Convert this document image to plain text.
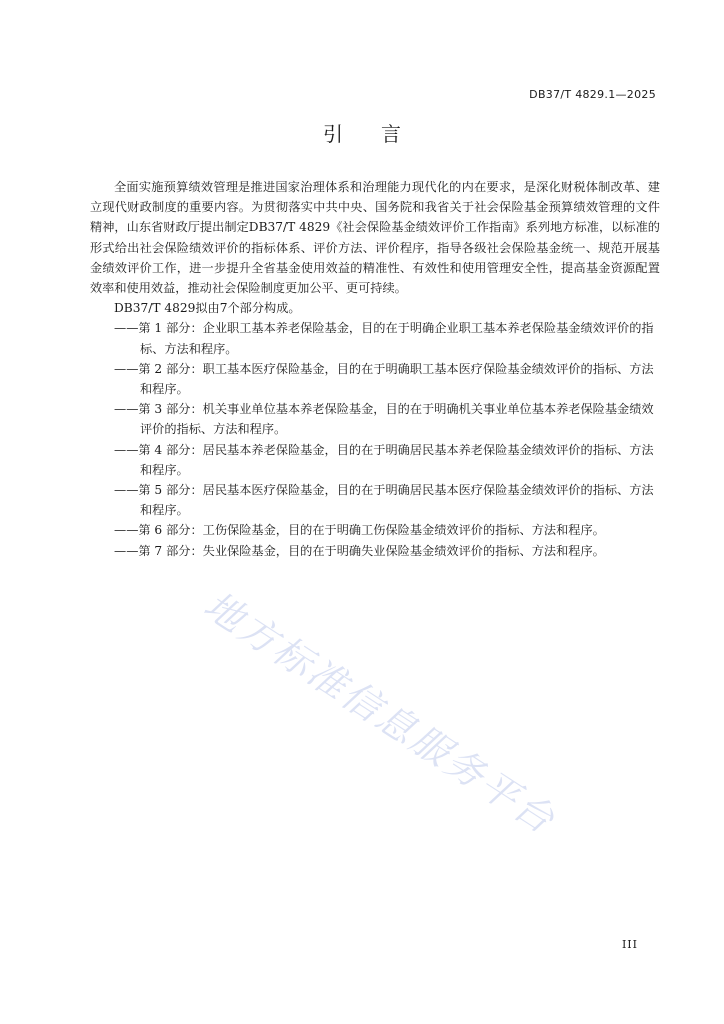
DB37/T 4829.1—2025
引言

全面实施预算绩效管理是推进国家治理体系和治理能力现代化的内在要求，是深化财税体制改革、建立现代财政制度的重要内容。为贯彻落实中共中央、国务院和我省关于社会保险基金预算绩效管理的文件精神，山东省财政厅提出制定DB37/T 4829《社会保险基金绩效评价工作指南》系列地方标准，以标准的形式给出社会保险绩效评价的指标体系、评价方法、评价程序，指导各级社会保险基金统一、规范开展基金绩效评价工作，进一步提升全省基金使用效益的精准性、有效性和使用管理安全性，提高基金资源配置效率和使用效益，推动社会保险制度更加公平、更可持续。

DB37/T 4829拟由7个部分构成。

——第 1 部分：企业职工基本养老保险基金，目的在于明确企业职工基本养老保险基金绩效评价的指标、方法和程序。

——第 2 部分：职工基本医疗保险基金，目的在于明确职工基本医疗保险基金绩效评价的指标、方法和程序。

——第 3 部分：机关事业单位基本养老保险基金，目的在于明确机关事业单位基本养老保险基金绩效评价的指标、方法和程序。

——第 4 部分：居民基本养老保险基金，目的在于明确居民基本养老保险基金绩效评价的指标、方法和程序。

——第 5 部分：居民基本医疗保险基金，目的在于明确居民基本医疗保险基金绩效评价的指标、方法和程序。

——第 6 部分：工伤保险基金，目的在于明确工伤保险基金绩效评价的指标、方法和程序。

——第 7 部分：失业保险基金，目的在于明确失业保险基金绩效评价的指标、方法和程序。

地方标准信息服务平台
III
